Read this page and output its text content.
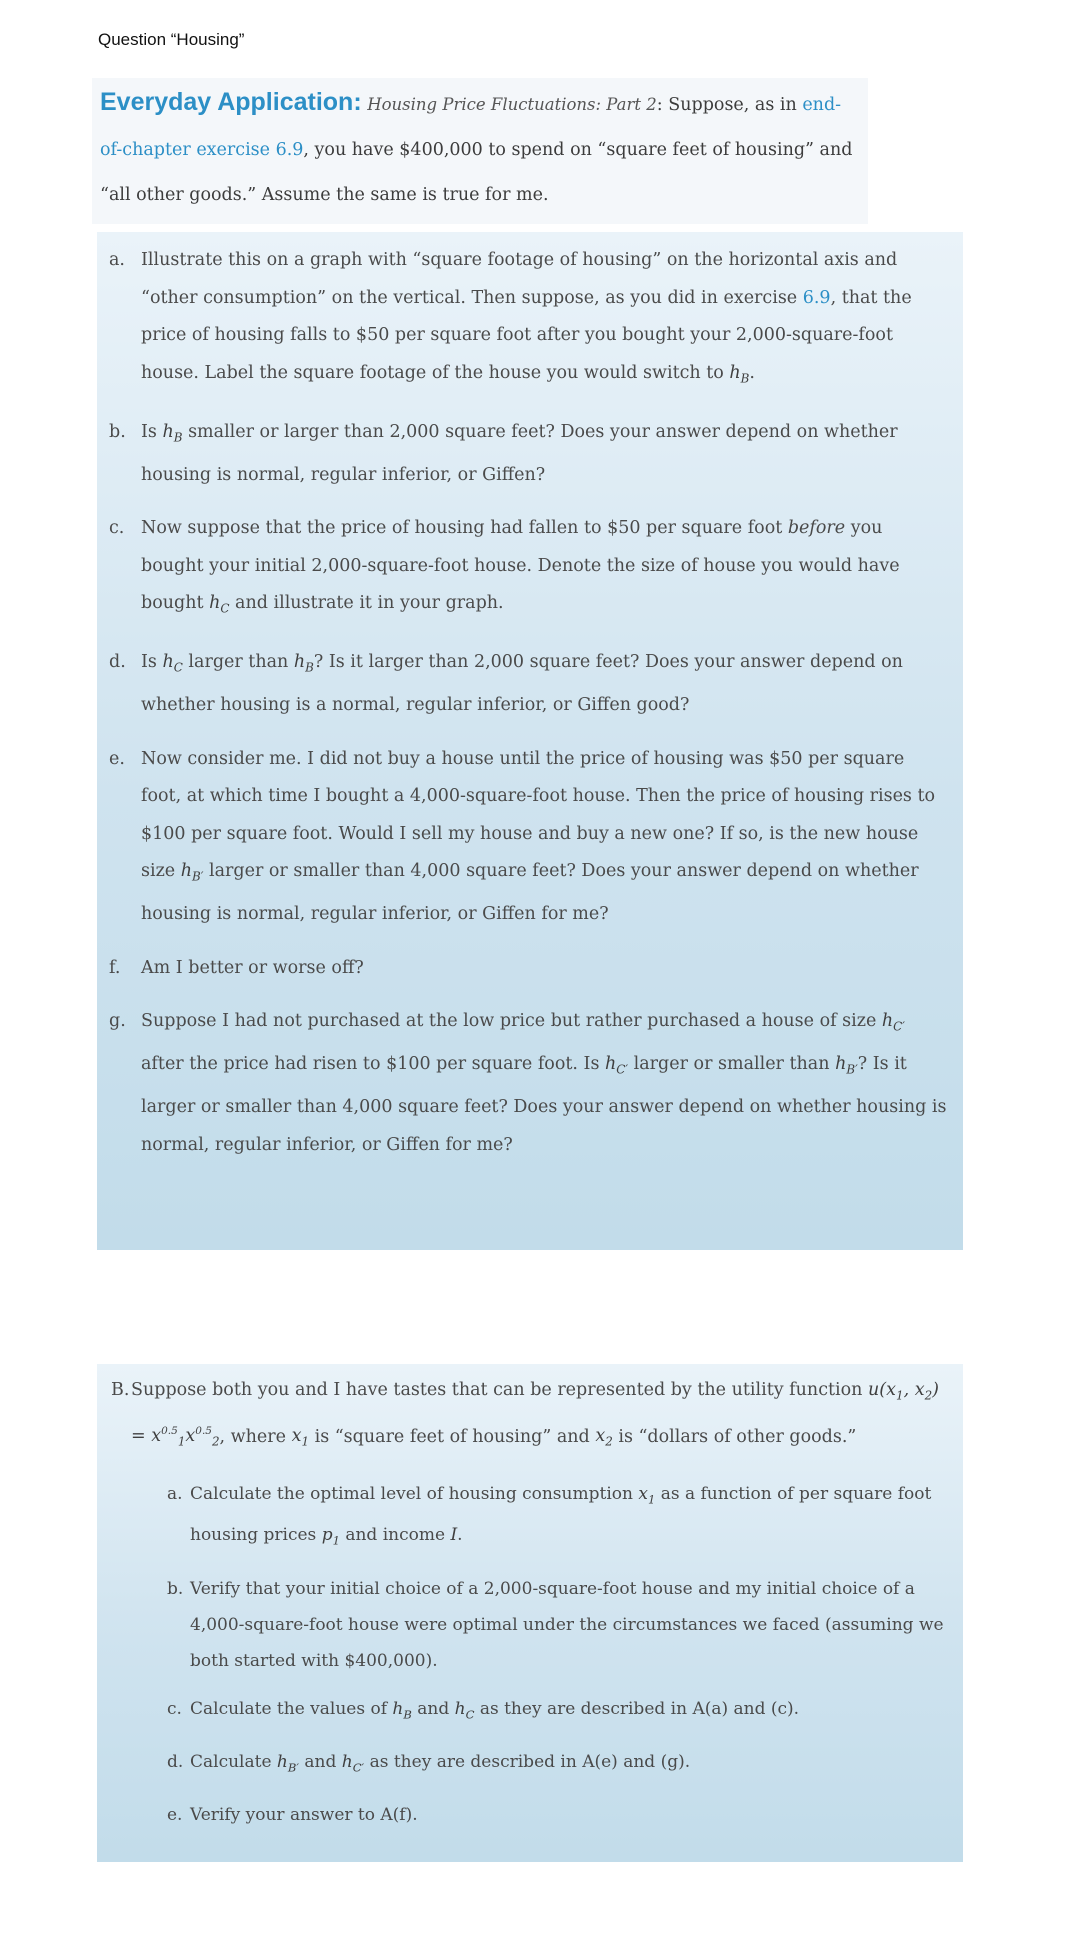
Question “Housing”
Everyday Application: Housing Price Fluctuations: Part 2: Suppose, as in end-of-chapter exercise 6.9, you have $400,000 to spend on “square feet of housing” and “all other goods.” Assume the same is true for me.
a. Illustrate this on a graph with “square footage of housing” on the horizontal axis and “other consumption” on the vertical. Then suppose, as you did in exercise 6.9, that the price of housing falls to $50 per square foot after you bought your 2,000-square-foot house. Label the square footage of the house you would switch to $h_B$.
b. Is $h_B$ smaller or larger than 2,000 square feet? Does your answer depend on whether housing is normal, regular inferior, or Giffen?
c. Now suppose that the price of housing had fallen to $50 per square foot before you bought your initial 2,000-square-foot house. Denote the size of house you would have bought $h_C$ and illustrate it in your graph.
d. Is $h_C$ larger than $h_B$? Is it larger than 2,000 square feet? Does your answer depend on whether housing is a normal, regular inferior, or Giffen good?
e. Now consider me. I did not buy a house until the price of housing was $50 per square foot, at which time I bought a 4,000-square-foot house. Then the price of housing rises to $100 per square foot. Would I sell my house and buy a new one? If so, is the new house size $h_{B'}$ larger or smaller than 4,000 square feet? Does your answer depend on whether housing is normal, regular inferior, or Giffen for me?
f. Am I better or worse off?
g. Suppose I had not purchased at the low price but rather purchased a house of size $h_{C'}$ after the price had risen to $100 per square foot. Is $h_{C'}$ larger or smaller than $h_{B'}$? Is it larger or smaller than 4,000 square feet? Does your answer depend on whether housing is normal, regular inferior, or Giffen for me?
B. Suppose both you and I have tastes that can be represented by the utility function $u(x_1$, $x_2) = x^{0.5}_1x^{0.5}_2$, where $x_1$ is “square feet of housing” and $x_2$ is “dollars of other goods.”
a. Calculate the optimal level of housing consumption $x_1$ as a function of per square foot housing prices $p_1$ and income I.
b. Verify that your initial choice of a 2,000-square-foot house and my initial choice of a 4,000-square-foot house were optimal under the circumstances we faced (assuming we both started with $400,000).
c. Calculate the values of $h_B$ and $h_C$ as they are described in A(a) and (c).
d. Calculate $h_{B'}$ and $h_{C'}$ as they are described in A(e) and (g).
e. Verify your answer to A(f).
